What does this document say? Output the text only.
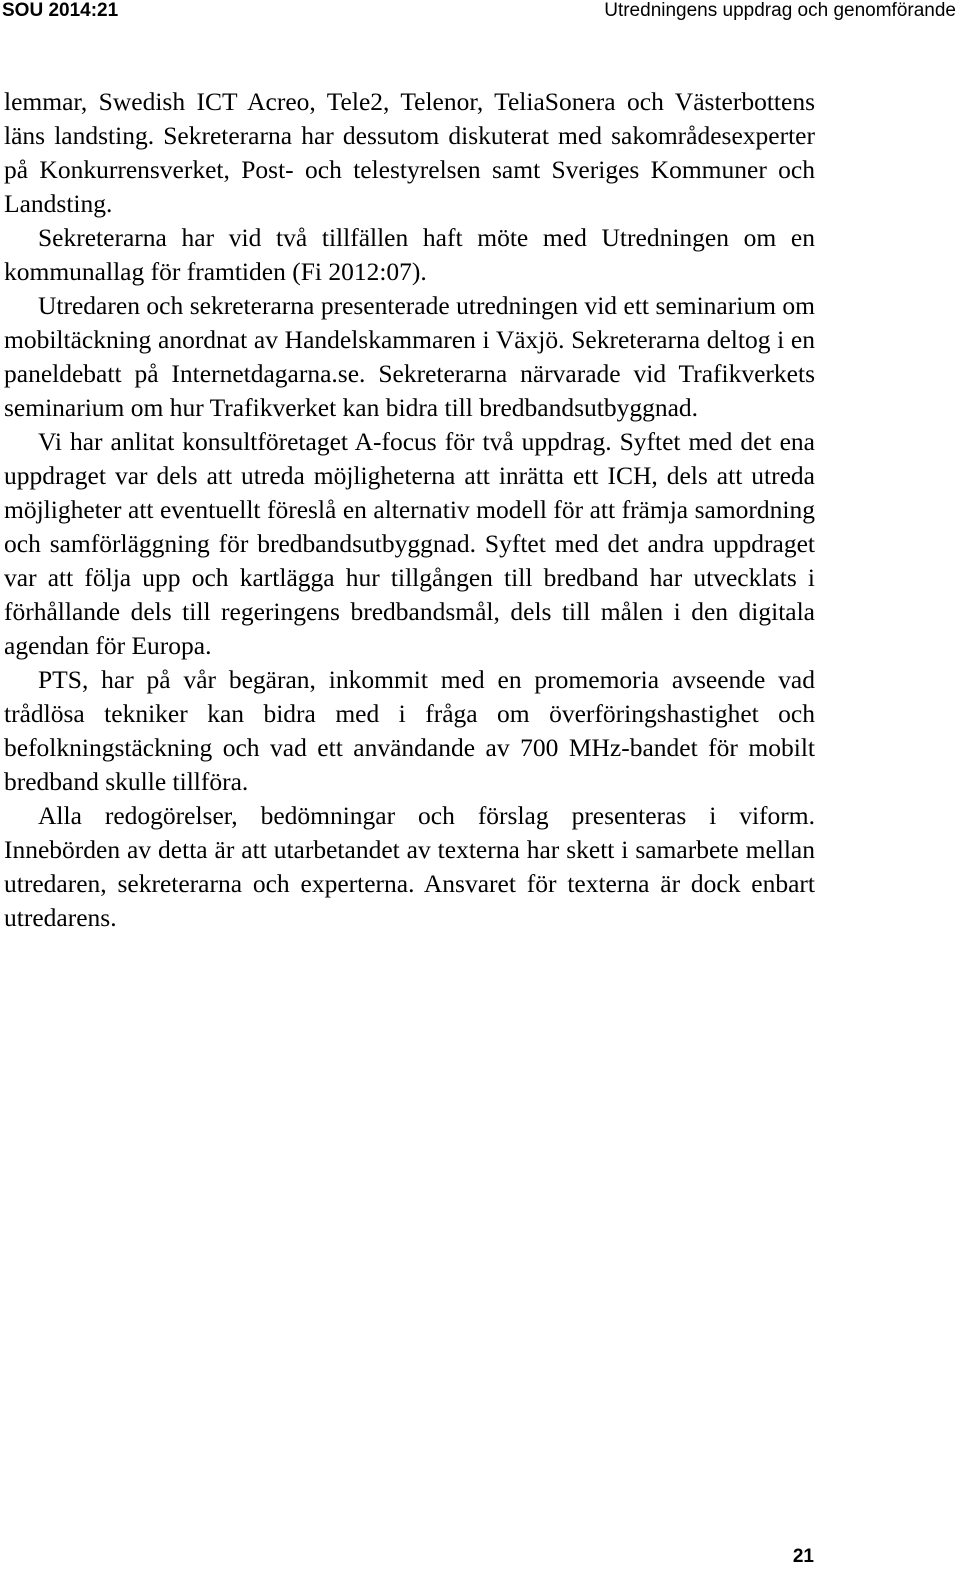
SOU 2014:21	Utredningens uppdrag och genomförande

lemmar, Swedish ICT Acreo, Tele2, Telenor, TeliaSonera och Västerbottens läns landsting. Sekreterarna har dessutom diskuterat med sakområdesexperter på Konkurrensverket, Post- och telestyrelsen samt Sveriges Kommuner och Landsting.

Sekreterarna har vid två tillfällen haft möte med Utredningen om en kommunallag för framtiden (Fi 2012:07).

Utredaren och sekreterarna presenterade utredningen vid ett seminarium om mobiltäckning anordnat av Handelskammaren i Växjö. Sekreterarna deltog i en paneldebatt på Internetdagarna.se. Sekreterarna närvarade vid Trafikverkets seminarium om hur Trafikverket kan bidra till bredbandsutbyggnad.

Vi har anlitat konsultföretaget A-focus för två uppdrag. Syftet med det ena uppdraget var dels att utreda möjligheterna att inrätta ett ICH, dels att utreda möjligheter att eventuellt föreslå en alternativ modell för att främja samordning och samförläggning för bredbandsutbyggnad. Syftet med det andra uppdraget var att följa upp och kartlägga hur tillgången till bredband har utvecklats i förhållande dels till regeringens bredbandsmål, dels till målen i den digitala agendan för Europa.

PTS, har på vår begäran, inkommit med en promemoria avseende vad trådlösa tekniker kan bidra med i fråga om överföringshastighet och befolkningstäckning och vad ett användande av 700 MHz-bandet för mobilt bredband skulle tillföra.

Alla redogörelser, bedömningar och förslag presenteras i viform. Innebörden av detta är att utarbetandet av texterna har skett i samarbete mellan utredaren, sekreterarna och experterna. Ansvaret för texterna är dock enbart utredarens.

21
